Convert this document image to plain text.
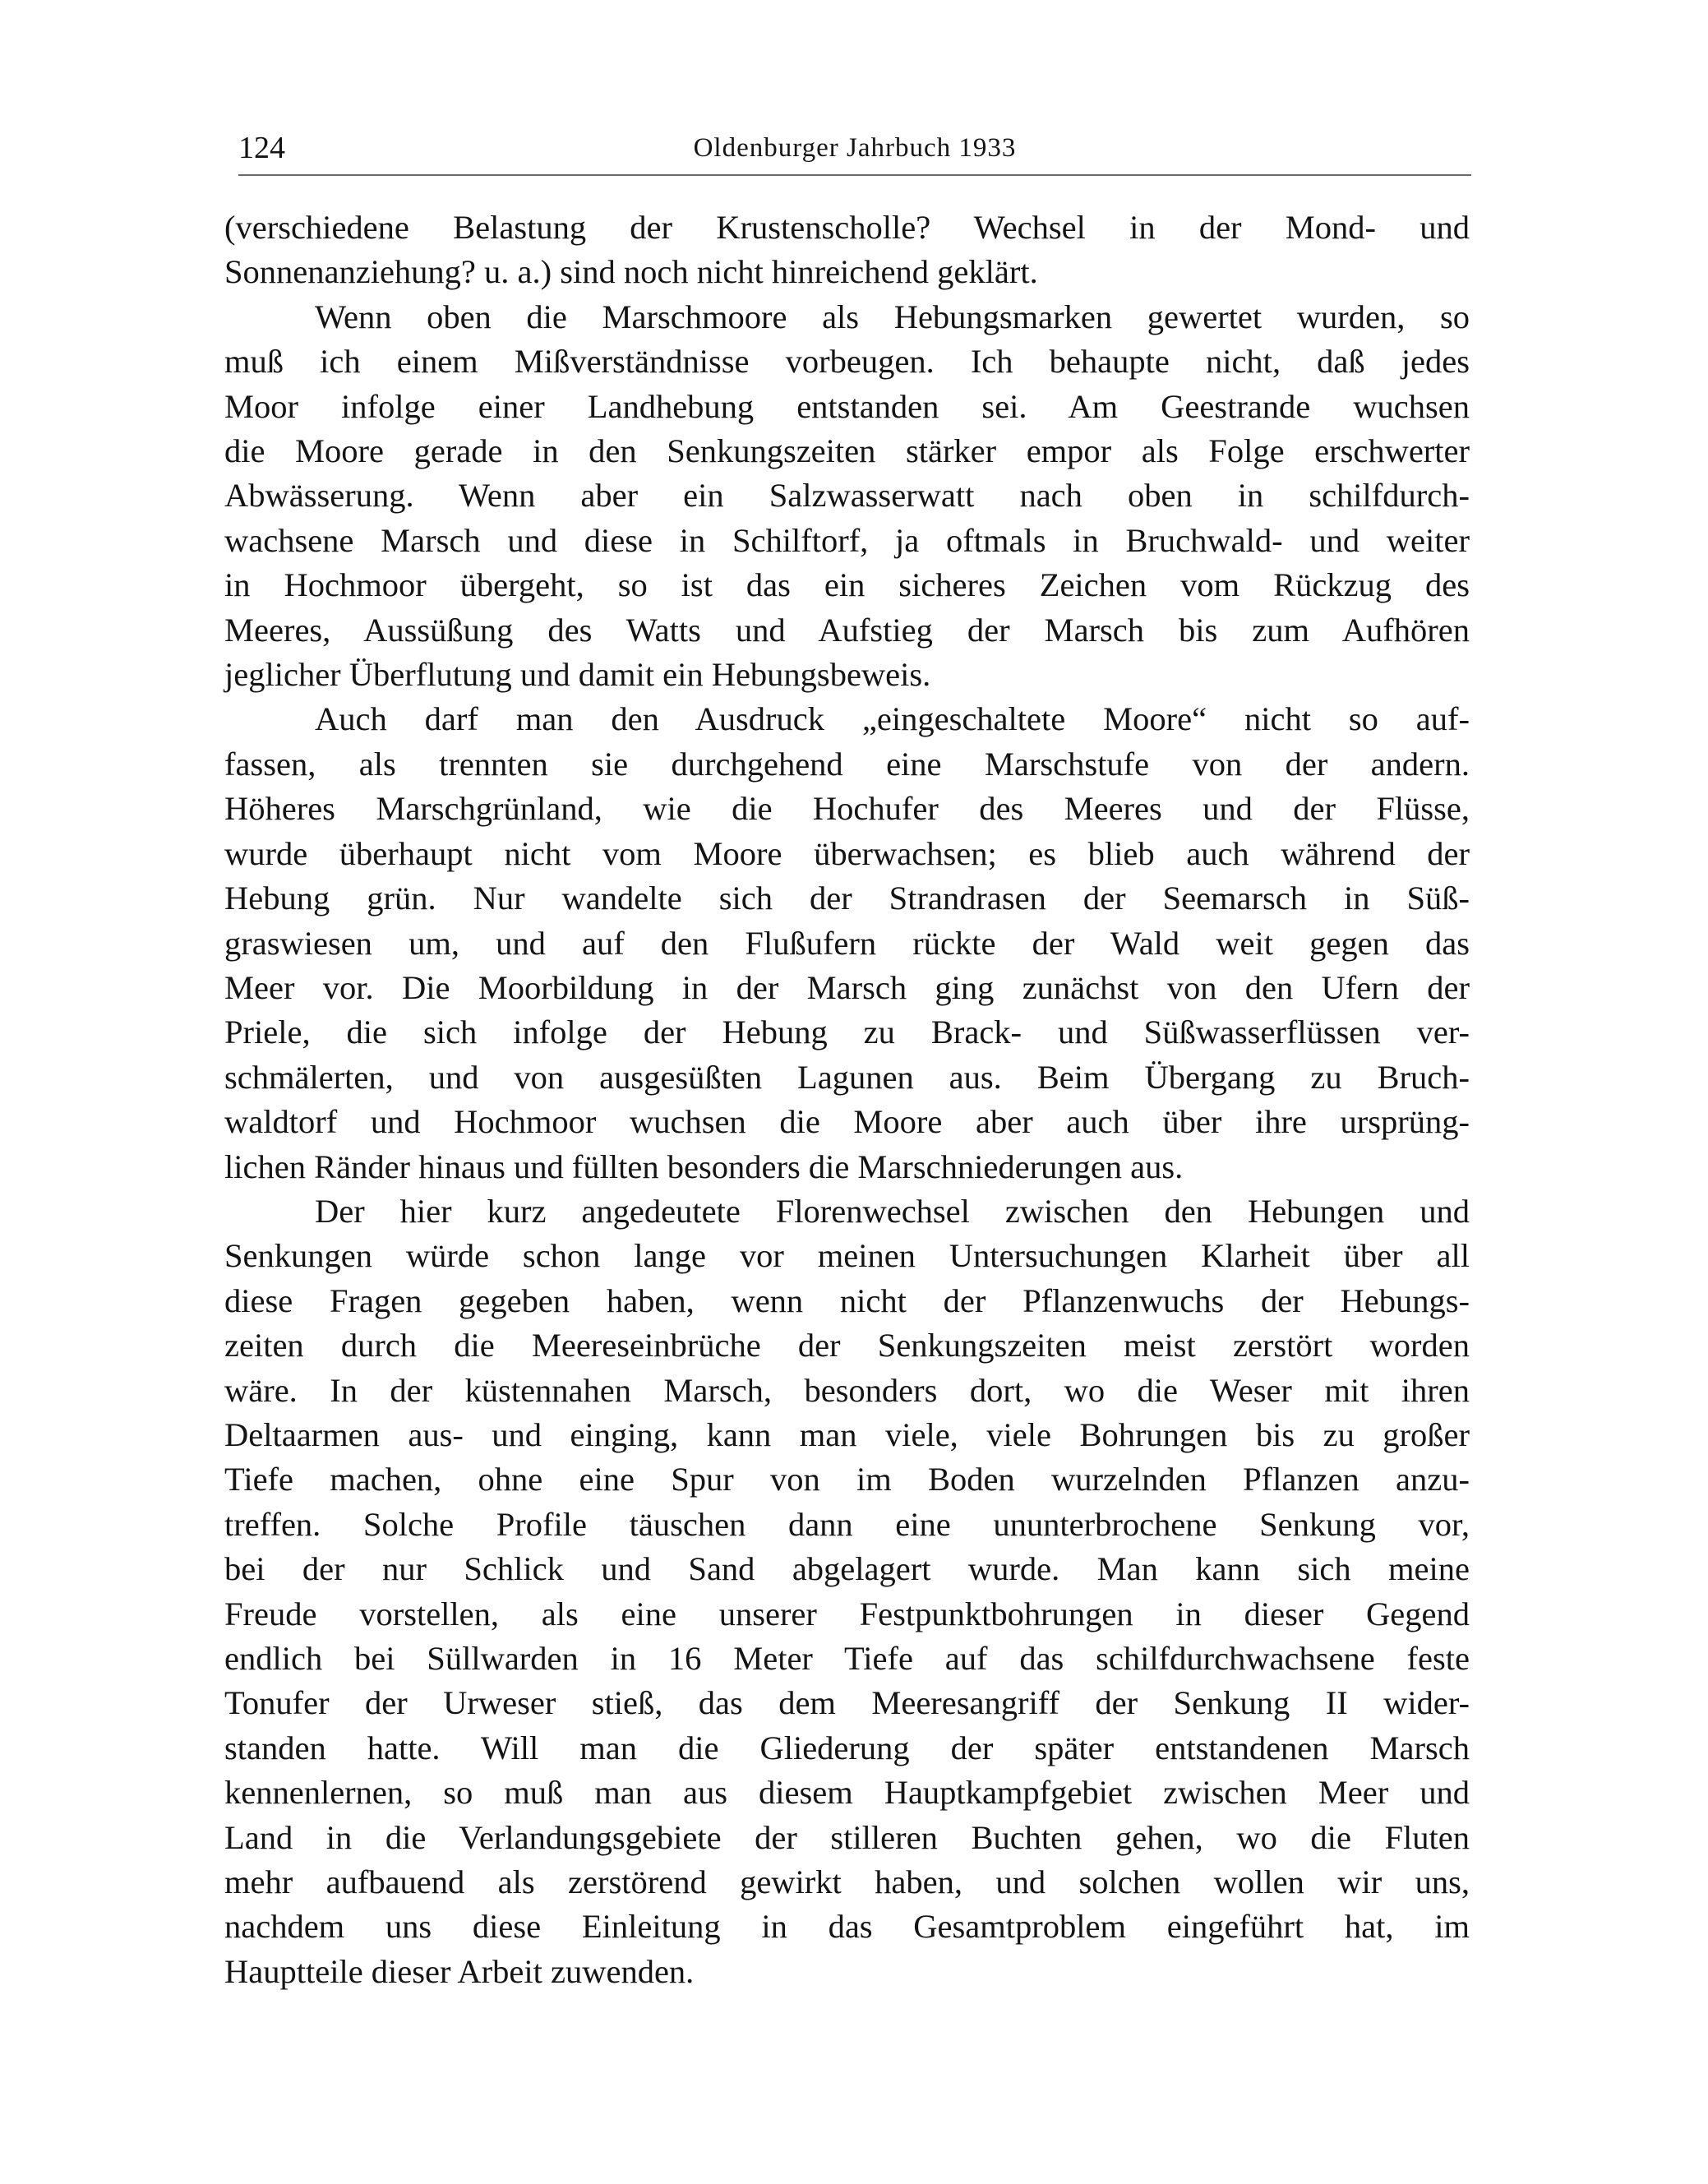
124	Oldenburger Jahrbuch 1933
(verschiedene Belastung der Krustenscholle? Wechsel in der Mond- und
Sonnenanziehung? u. a.) sind noch nicht hinreichend geklärt.
Wenn oben die Marschmoore als Hebungsmarken gewertet wurden, so
muß ich einem Mißverständnisse vorbeugen. Ich behaupte nicht, daß jedes
Moor infolge einer Landhebung entstanden sei. Am Geestrande wuchsen
die Moore gerade in den Senkungszeiten stärker empor als Folge erschwerter
Abwässerung. Wenn aber ein Salzwasserwatt nach oben in schilfdurch-
wachsene Marsch und diese in Schilftorf, ja oftmals in Bruchwald- und weiter
in Hochmoor übergeht, so ist das ein sicheres Zeichen vom Rückzug des
Meeres, Aussüßung des Watts und Aufstieg der Marsch bis zum Aufhören
jeglicher Überflutung und damit ein Hebungsbeweis.
Auch darf man den Ausdruck „eingeschaltete Moore“ nicht so auf-
fassen, als trennten sie durchgehend eine Marschstufe von der andern.
Höheres Marschgrünland, wie die Hochufer des Meeres und der Flüsse,
wurde überhaupt nicht vom Moore überwachsen; es blieb auch während der
Hebung grün. Nur wandelte sich der Strandrasen der Seemarsch in Süß-
graswiesen um, und auf den Flußufern rückte der Wald weit gegen das
Meer vor. Die Moorbildung in der Marsch ging zunächst von den Ufern der
Priele, die sich infolge der Hebung zu Brack- und Süßwasserflüssen ver-
schmälerten, und von ausgesüßten Lagunen aus. Beim Übergang zu Bruch-
waldtorf und Hochmoor wuchsen die Moore aber auch über ihre ursprüng-
lichen Ränder hinaus und füllten besonders die Marschniederungen aus.
Der hier kurz angedeutete Florenwechsel zwischen den Hebungen und
Senkungen würde schon lange vor meinen Untersuchungen Klarheit über all
diese Fragen gegeben haben, wenn nicht der Pflanzenwuchs der Hebungs-
zeiten durch die Meereseinbrüche der Senkungszeiten meist zerstört worden
wäre. In der küstennahen Marsch, besonders dort, wo die Weser mit ihren
Deltaarmen aus- und einging, kann man viele, viele Bohrungen bis zu großer
Tiefe machen, ohne eine Spur von im Boden wurzelnden Pflanzen anzu-
treffen. Solche Profile täuschen dann eine ununterbrochene Senkung vor,
bei der nur Schlick und Sand abgelagert wurde. Man kann sich meine
Freude vorstellen, als eine unserer Festpunktbohrungen in dieser Gegend
endlich bei Süllwarden in 16 Meter Tiefe auf das schilfdurchwachsene feste
Tonufer der Urweser stieß, das dem Meeresangriff der Senkung II wider-
standen hatte. Will man die Gliederung der später entstandenen Marsch
kennenlernen, so muß man aus diesem Hauptkampfgebiet zwischen Meer und
Land in die Verlandungsgebiete der stilleren Buchten gehen, wo die Fluten
mehr aufbauend als zerstörend gewirkt haben, und solchen wollen wir uns,
nachdem uns diese Einleitung in das Gesamtproblem eingeführt hat, im
Hauptteile dieser Arbeit zuwenden.
